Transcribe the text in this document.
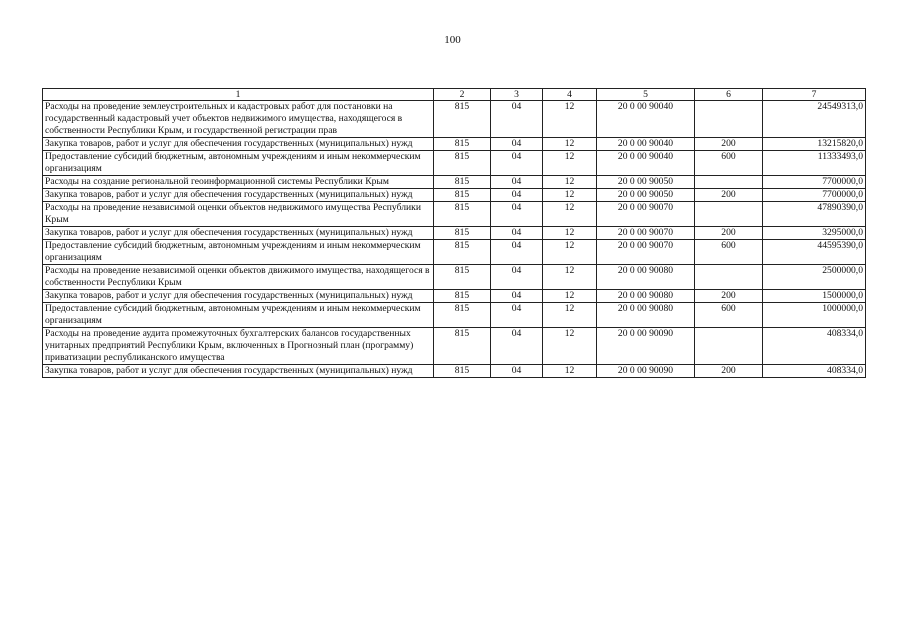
100
1	2	3	4	5	6	7
Расходы на проведение землеустроительных и кадастровых работ для постановки на государственный кадастровый учет объектов недвижимого имущества, находящегося в собственности Республики Крым, и государственной регистрации прав	815	04	12	20 0 00 90040		24549313,0
Закупка товаров, работ и услуг для обеспечения государственных (муниципальных) нужд	815	04	12	20 0 00 90040	200	13215820,0
Предоставление субсидий бюджетным, автономным учреждениям и иным некоммерческим организациям	815	04	12	20 0 00 90040	600	11333493,0
Расходы на создание региональной геоинформационной системы Республики Крым	815	04	12	20 0 00 90050		7700000,0
Закупка товаров, работ и услуг для обеспечения государственных (муниципальных) нужд	815	04	12	20 0 00 90050	200	7700000,0
Расходы на проведение независимой оценки объектов недвижимого имущества Республики Крым	815	04	12	20 0 00 90070		47890390,0
Закупка товаров, работ и услуг для обеспечения государственных (муниципальных) нужд	815	04	12	20 0 00 90070	200	3295000,0
Предоставление субсидий бюджетным, автономным учреждениям и иным некоммерческим организациям	815	04	12	20 0 00 90070	600	44595390,0
Расходы на проведение независимой оценки объектов движимого имущества, находящегося в собственности Республики Крым	815	04	12	20 0 00 90080		2500000,0
Закупка товаров, работ и услуг для обеспечения государственных (муниципальных) нужд	815	04	12	20 0 00 90080	200	1500000,0
Предоставление субсидий бюджетным, автономным учреждениям и иным некоммерческим организациям	815	04	12	20 0 00 90080	600	1000000,0
Расходы на проведение аудита промежуточных бухгалтерских балансов государственных унитарных предприятий Республики Крым, включенных в Прогнозный план (программу) приватизации республиканского имущества	815	04	12	20 0 00 90090		408334,0
Закупка товаров, работ и услуг для обеспечения государственных (муниципальных) нужд	815	04	12	20 0 00 90090	200	408334,0
